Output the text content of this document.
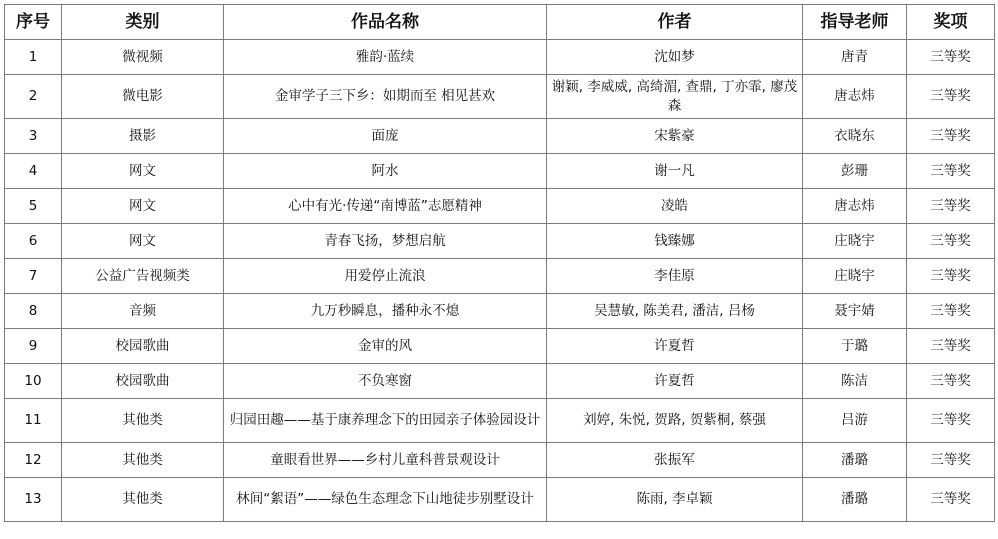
序号	类别	作品名称	作者	指导老师	奖项
1	微视频	雅韵·蓝续	沈如梦	唐青	三等奖
2	微电影	金审学子三下乡：如期而至 相见甚欢	谢颖, 李威威, 高绮湄, 查鼎, 丁亦霏, 廖茂森	唐志炜	三等奖
3	摄影	面庞	宋紫豪	衣晓东	三等奖
4	网文	阿水	谢一凡	彭珊	三等奖
5	网文	心中有光·传递“南博蓝”志愿精神	凌皓	唐志炜	三等奖
6	网文	青春飞扬，梦想启航	钱臻娜	庄晓宇	三等奖
7	公益广告视频类	用爱停止流浪	李佳原	庄晓宇	三等奖
8	音频	九万秒瞬息，播种永不熄	吴慧敏, 陈美君, 潘洁, 吕杨	聂宇婧	三等奖
9	校园歌曲	金审的风	许夏哲	于璐	三等奖
10	校园歌曲	不负寒窗	许夏哲	陈洁	三等奖
11	其他类	归园田趣——基于康养理念下的田园亲子体验园设计	刘婷, 朱悦, 贺路, 贺紫桐, 蔡强	吕游	三等奖
12	其他类	童眼看世界——乡村儿童科普景观设计	张振军	潘璐	三等奖
13	其他类	林间“絮语”——绿色生态理念下山地徒步别墅设计	陈雨, 李卓颖	潘璐	三等奖
